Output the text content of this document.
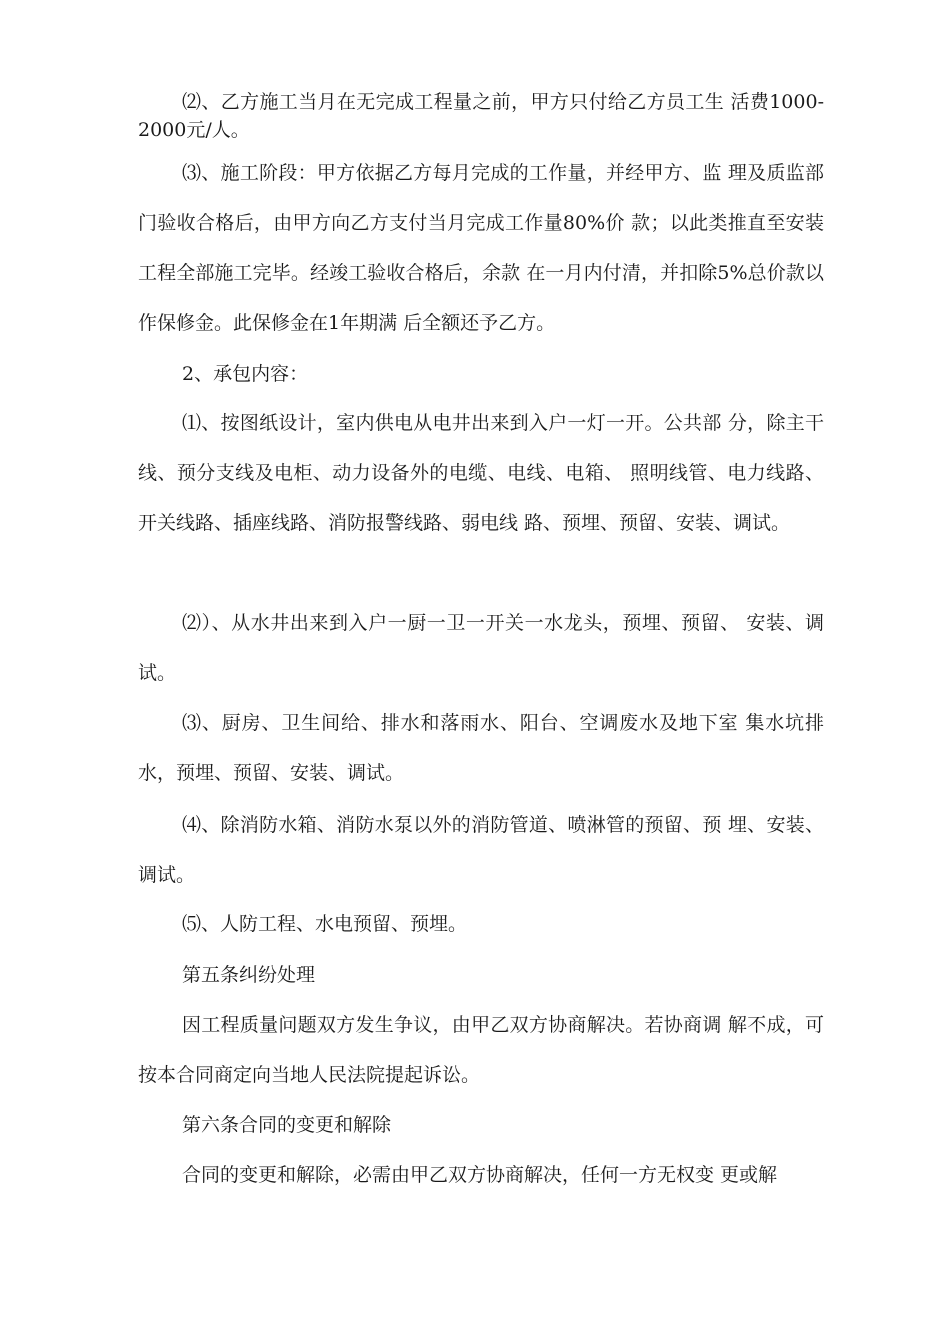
⑵、乙方施工当月在无完成工程量之前，甲方只付给乙方员工生 活费1000-2000元/人。

⑶、施工阶段：甲方依据乙方每月完成的工作量，并经甲方、监 理及质监部门验收合格后，由甲方向乙方支付当月完成工作量80%价 款；以此类推直至安装工程全部施工完毕。经竣工验收合格后，余款 在一月内付清，并扣除5%总价款以作保修金。此保修金在1年期满 后全额还予乙方。

2、承包内容：

⑴、按图纸设计，室内供电从电井出来到入户一灯一开。公共部 分，除主干线、预分支线及电柜、动力设备外的电缆、电线、电箱、 照明线管、电力线路、开关线路、插座线路、消防报警线路、弱电线 路、预埋、预留、安装、调试。

⑵）、从水井出来到入户一厨一卫一开关一水龙头，预埋、预留、 安装、调试。

⑶、厨房、卫生间给、排水和落雨水、阳台、空调废水及地下室 集水坑排水，预埋、预留、安装、调试。

⑷、除消防水箱、消防水泵以外的消防管道、喷淋管的预留、预 埋、安装、调试。

⑸、人防工程、水电预留、预埋。

第五条纠纷处理

因工程质量问题双方发生争议，由甲乙双方协商解决。若协商调 解不成，可按本合同商定向当地人民法院提起诉讼。

第六条合同的变更和解除

合同的变更和解除，必需由甲乙双方协商解决，任何一方无权变 更或解
